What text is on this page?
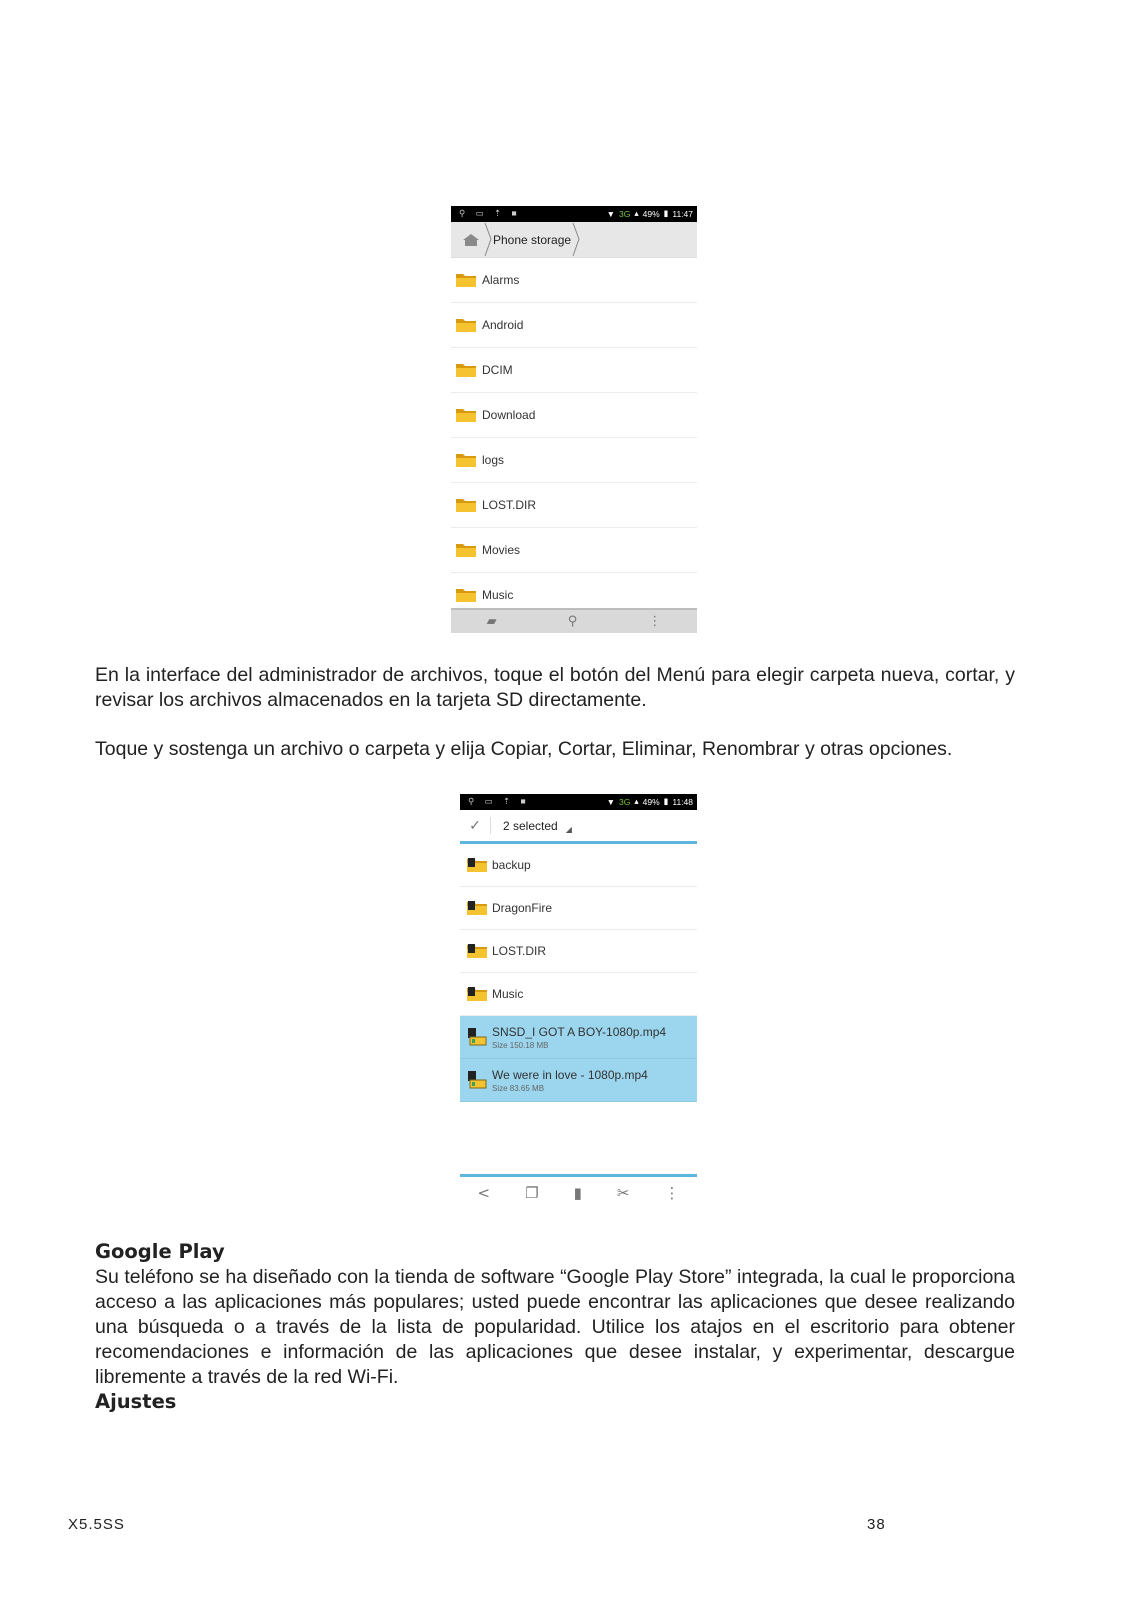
⚲ ▭ ⇡ ■	▼ 3G ▴ 49% ▮ 11:47
Phone storage
Alarms
Android
DCIM
Download
logs
LOST.DIR
Movies
Music
▰	⚲	⋮

En la interface del administrador de archivos, toque el botón del Menú para elegir carpeta nueva, cortar, y revisar los archivos almacenados en la tarjeta SD directamente.

Toque y sostenga un archivo o carpeta y elija Copiar, Cortar, Eliminar, Renombrar y otras opciones.

⚲ ▭ ⇡ ■	▼ 3G ▴ 49% ▮ 11:48
✓	2 selected ◢
backup
DragonFire
LOST.DIR
Music
SNSD_I GOT A BOY-1080p.mp4
Size 150.18 MB
We were in love - 1080p.mp4
Size 83.65 MB
< ❐ ▮ ✂ ⋮
Google Play

Su teléfono se ha diseñado con la tienda de software “Google Play Store” integrada, la cual le proporciona acceso a las aplicaciones más populares; usted puede encontrar las aplicaciones que desee realizando una búsqueda o a través de la lista de popularidad. Utilice los atajos en el escritorio para obtener recomendaciones e información de las aplicaciones que desee instalar, y experimentar, descargue libremente a través de la red Wi-Fi.

Ajustes
X5.5SS	38
